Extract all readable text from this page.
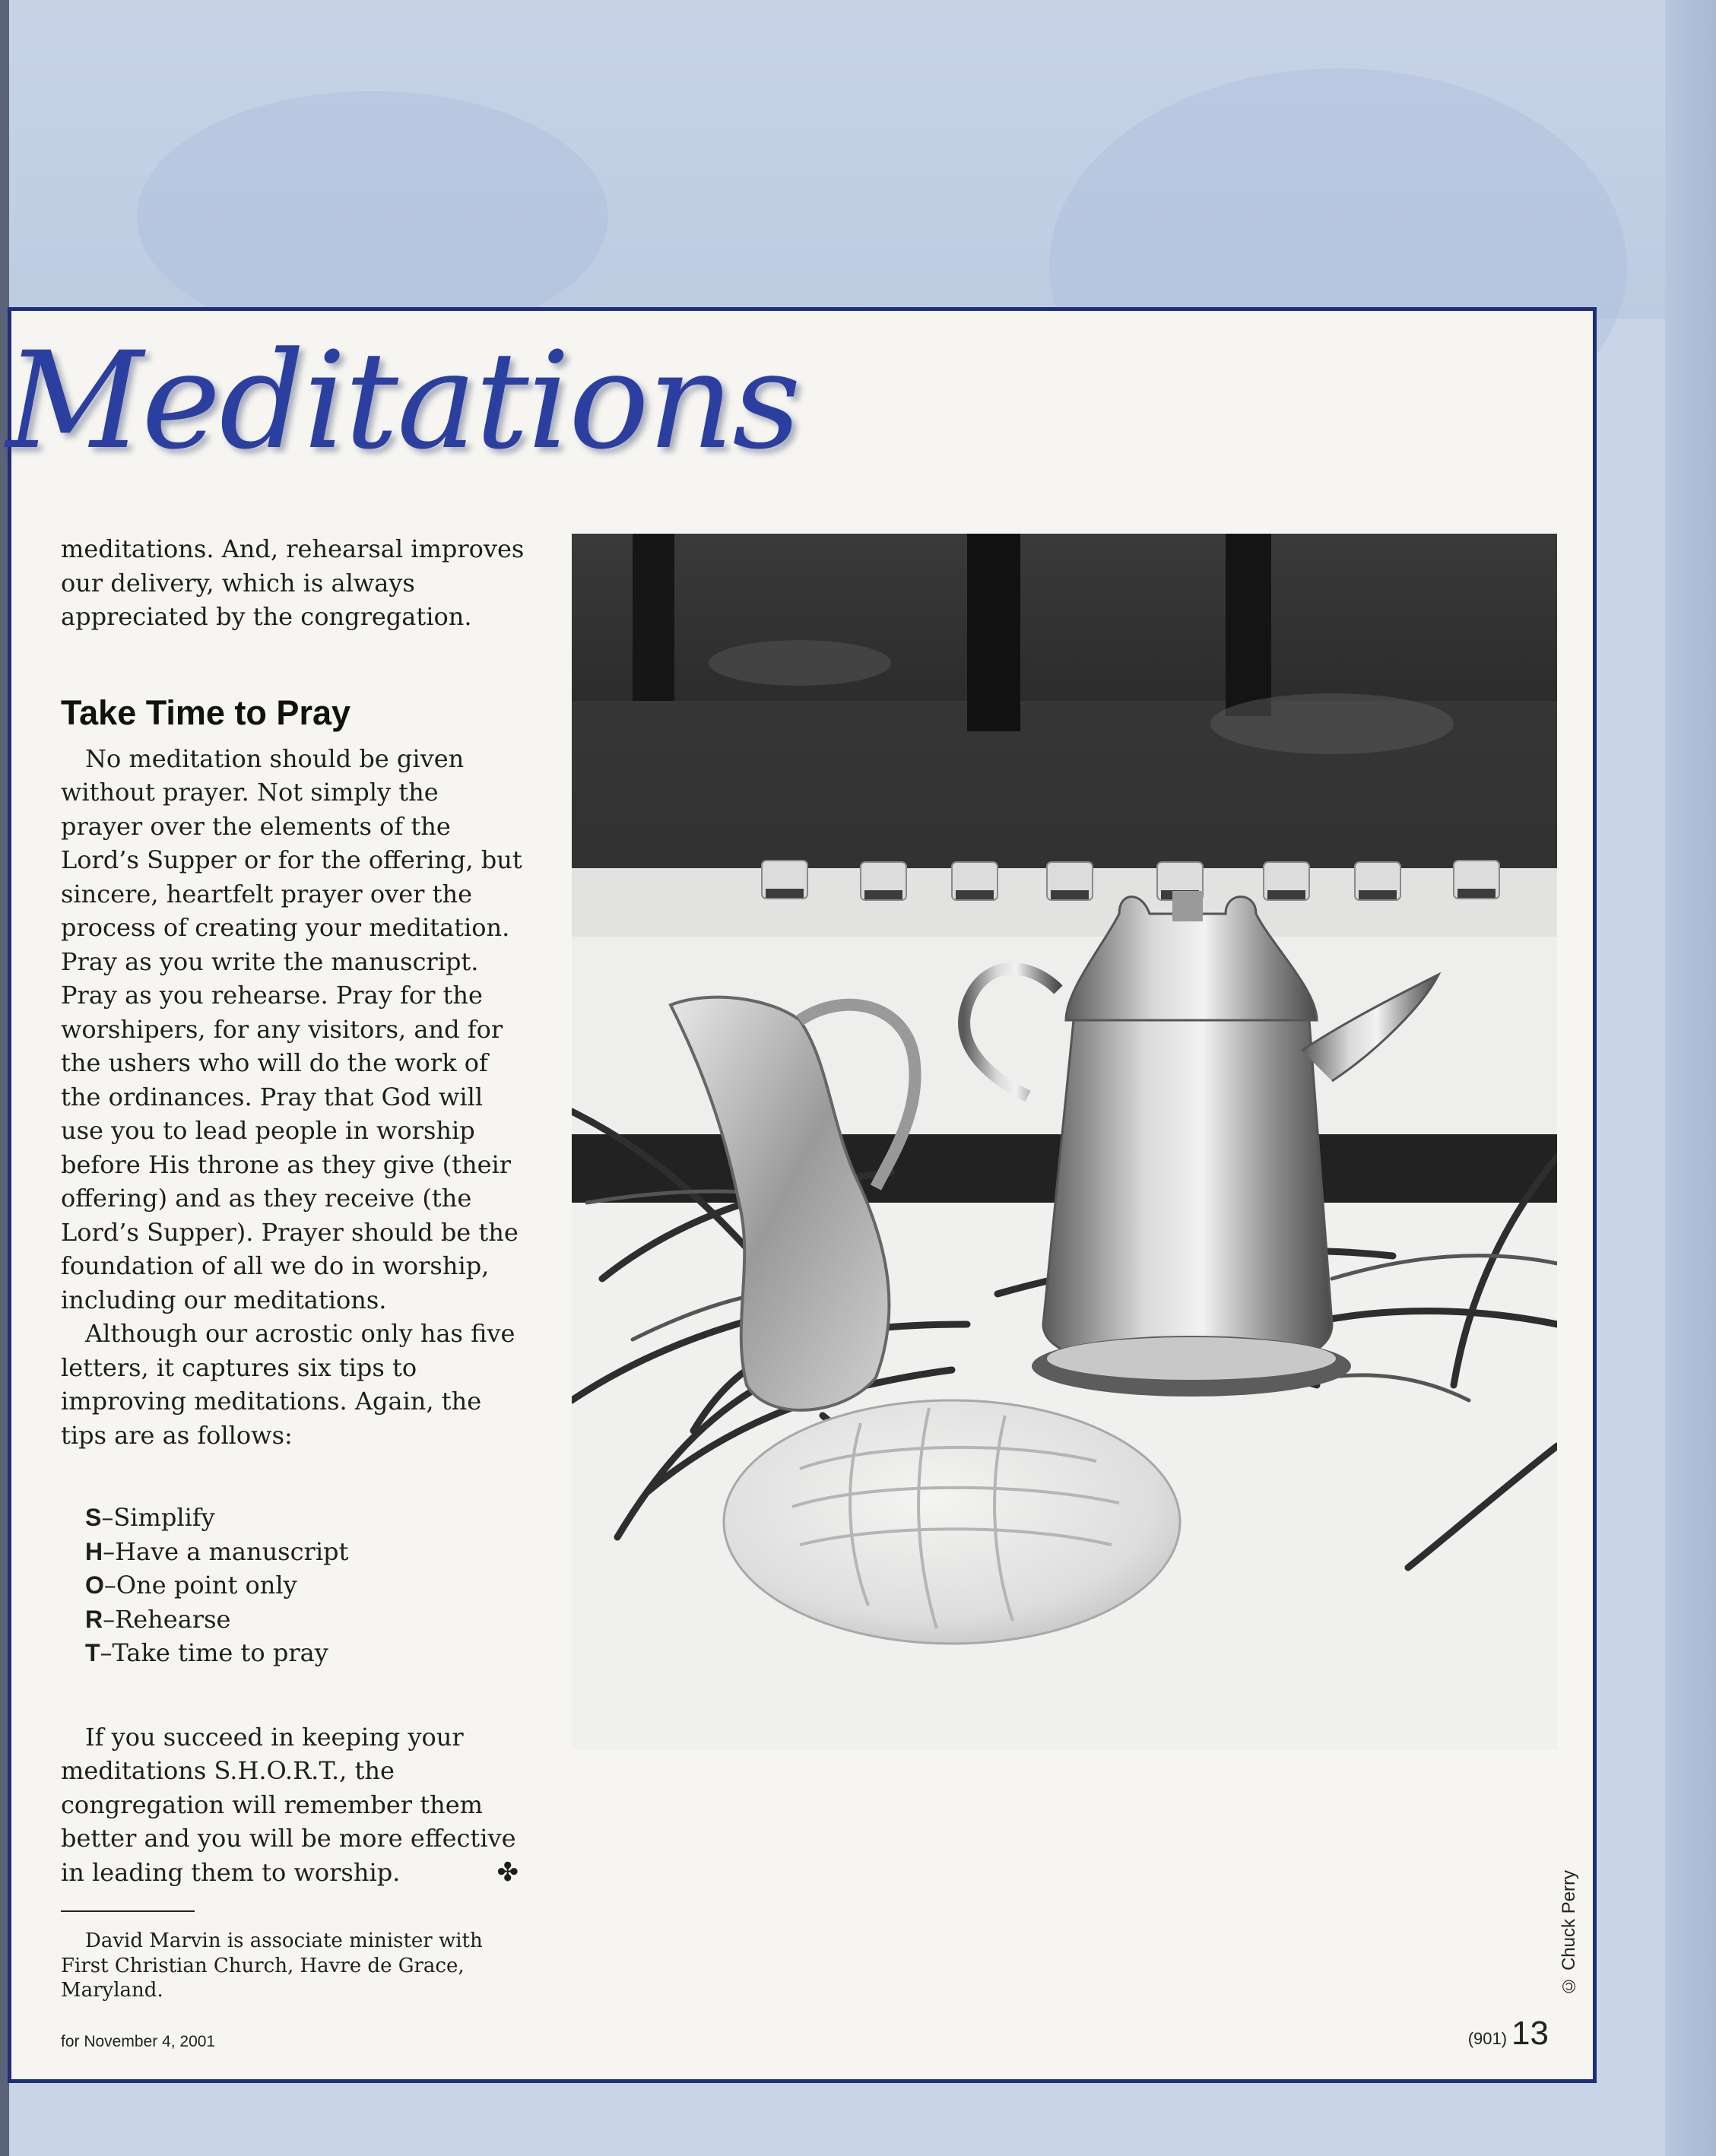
Meditations

meditations. And, rehearsal improves our delivery, which is always appreciated by the congregation.

Take Time to Pray

No meditation should be given without prayer. Not simply the prayer over the elements of the Lord’s Supper or for the offering, but sincere, heartfelt prayer over the process of creating your meditation. Pray as you write the manuscript. Pray as you rehearse. Pray for the worshipers, for any visitors, and for the ushers who will do the work of the ordinances. Pray that God will use you to lead people in worship before His throne as they give (their offering) and as they receive (the Lord’s Supper). Prayer should be the foundation of all we do in worship, including our meditations.

Although our acrostic only has five letters, it captures six tips to improving meditations. Again, the tips are as follows:

S–Simplify
H–Have a manuscript
O–One point only
R–Rehearse
T–Take time to pray

If you succeed in keeping your meditations S.H.O.R.T., the congregation will remember them better and you will be more effective in leading them to worship.	✤

David Marvin is associate minister with First Christian Church, Havre de Grace, Maryland.	© Chuck Perry
for November 4, 2001	(901) 13
